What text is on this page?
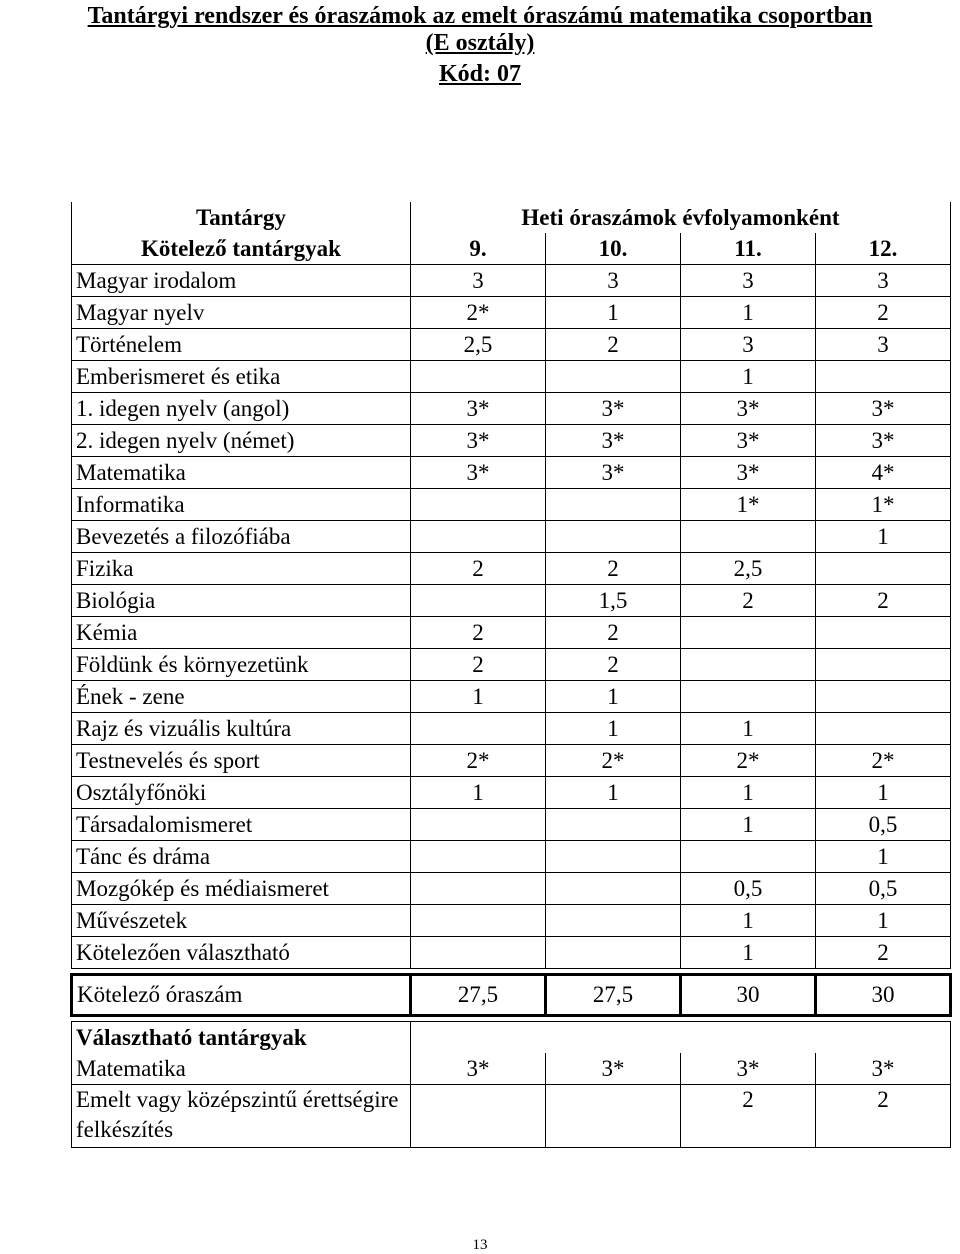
Tantárgyi rendszer és óraszámok az emelt óraszámú matematika csoportban
(E osztály)
Kód: 07
Tantárgy	Heti óraszámok évfolyamonként			
Kötelező tantárgyak	9.	10.	11.	12.
Magyar irodalom	3	3	3	3
Magyar nyelv	2*	1	1	2
Történelem	2,5	2	3	3
Emberismeret és etika			1	
1. idegen nyelv (angol)	3*	3*	3*	3*
2. idegen nyelv (német)	3*	3*	3*	3*
Matematika	3*	3*	3*	4*
Informatika			1*	1*
Bevezetés a filozófiába				1
Fizika	2	2	2,5	
Biológia		1,5	2	2
Kémia	2	2		
Földünk és környezetünk	2	2		
Ének - zene	1	1		
Rajz és vizuális kultúra		1	1	
Testnevelés és sport	2*	2*	2*	2*
Osztályfőnöki	1	1	1	1
Társadalomismeret			1	0,5
Tánc és dráma				1
Mozgókép és médiaismeret			0,5	0,5
Művészetek			1	1
Kötelezően választható			1	2

Kötelező óraszám	27,5	27,5	30	30

Választható tantárgyak				
Matematika	3*	3*	3*	3*
Emelt vagy középszintű érettségire felkészítés			2	2
13
